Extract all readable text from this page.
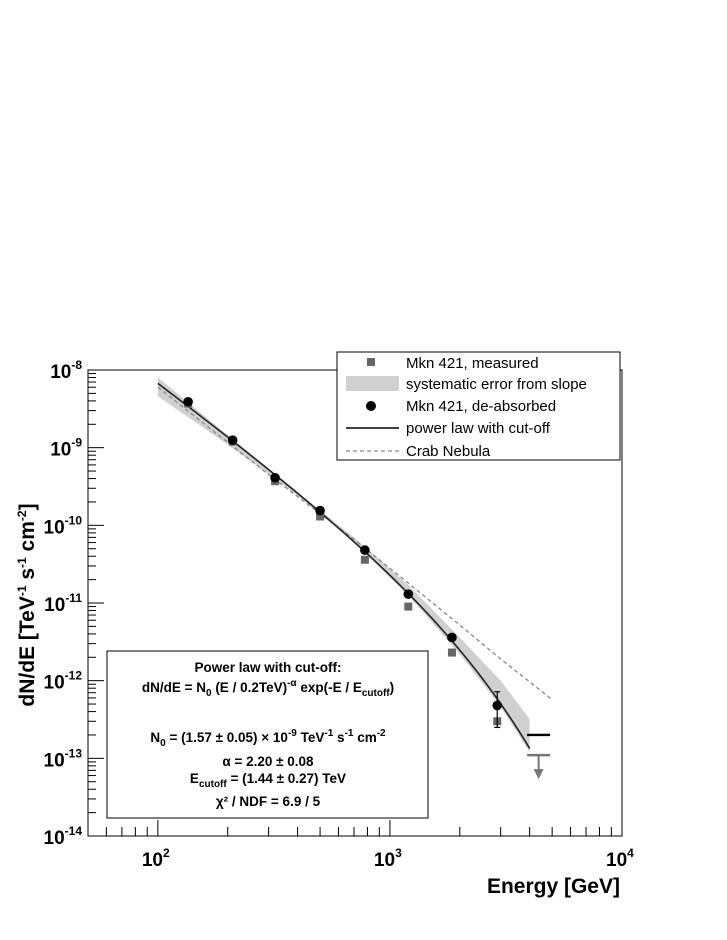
$10^2$	$10^3$	$10^4$
$10^{-8}$
$10^{-9}$
$10^{-10}$
$10^{-11}$
$10^{-12}$
$10^{-13}$
$10^{-14}$
Energy [GeV]
dN/dE [TeV$^{-1}$ $s^{-1}$ $cm^{-2}$]
Mkn 421, measured
systematic error from slope
Mkn 421, de-absorbed
power law with cut-off
Crab Nebula
Power law with cut-off:
$dN/dE = N_0$ (E / 0.2TeV)$^{-\alpha}$ $\exp(-E / E_{cutoff})$
$N_0 = (1.57 \pm 0.05) \times 10^{-9}$ TeV$^{-1}$ $s^{-1}$ $cm^{-2}$
α = 2.20 ± 0.08
$E_{cutoff} = (1.44 \pm 0.27)$ TeV
χ² / NDF = 6.9 / 5
